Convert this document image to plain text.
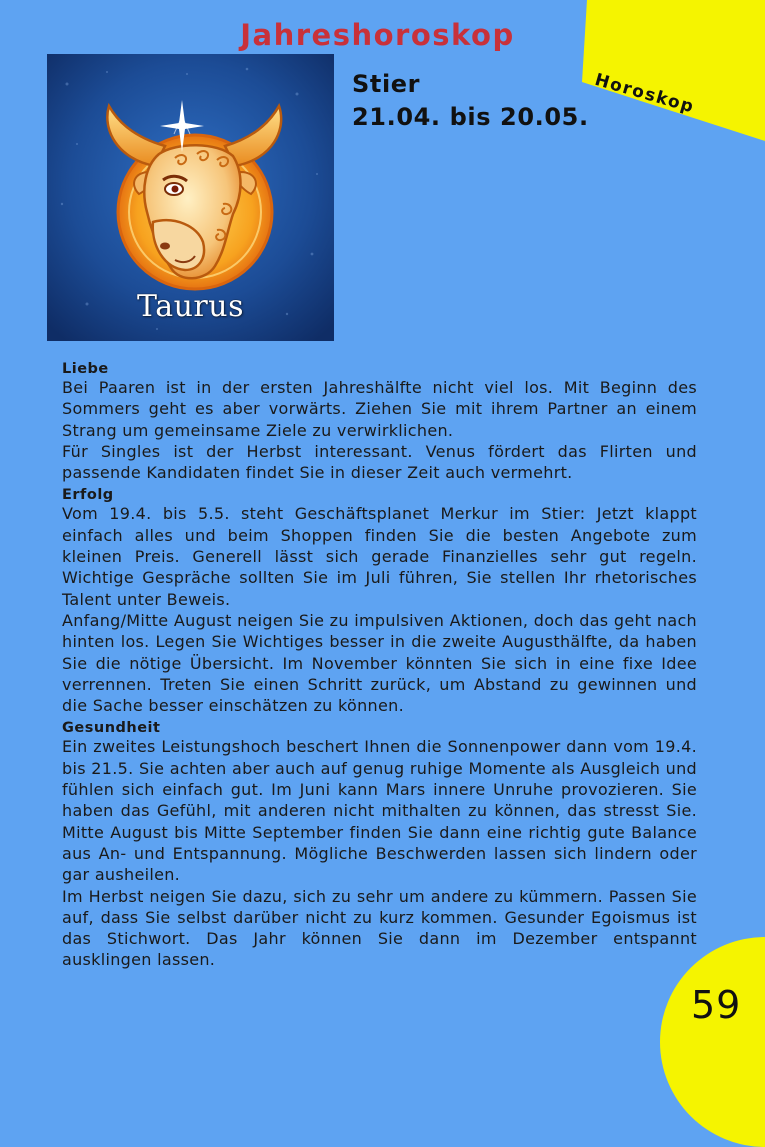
Horoskop
Jahreshoroskop
Taurus
Stier
21.04. bis 20.05.
Liebe
Bei Paaren ist in der ersten Jahreshälfte nicht viel los. Mit Beginn des Sommers geht es aber vorwärts. Ziehen Sie mit ihrem Partner an einem Strang um gemeinsame Ziele zu verwirklichen.
Für Singles ist der Herbst interessant. Venus fördert das Flirten und passende Kandidaten findet Sie in dieser Zeit auch vermehrt.
Erfolg
Vom 19.4. bis 5.5. steht Geschäftsplanet Merkur im Stier: Jetzt klappt einfach alles und beim Shoppen finden Sie die besten Angebote zum kleinen Preis. Generell lässt sich gerade Finanzielles sehr gut regeln. Wichtige Gespräche sollten Sie im Juli führen, Sie stellen Ihr rhetorisches Talent unter Beweis.
Anfang/Mitte August neigen Sie zu impulsiven Aktionen, doch das geht nach hinten los. Legen Sie Wichtiges besser in die zweite Augusthälfte, da haben Sie die nötige Übersicht. Im November könnten Sie sich in eine fixe Idee verrennen. Treten Sie einen Schritt zurück, um Abstand zu gewinnen und die Sache besser einschätzen zu können.
Gesundheit
Ein zweites Leistungshoch beschert Ihnen die Sonnenpower dann vom 19.4. bis 21.5. Sie achten aber auch auf genug ruhige Momente als Ausgleich und fühlen sich einfach gut. Im Juni kann Mars innere Unruhe provozieren. Sie haben das Gefühl, mit anderen nicht mithalten zu können, das stresst Sie. Mitte August bis Mitte September finden Sie dann eine richtig gute Balance aus An- und Entspannung. Mögliche Beschwerden lassen sich lindern oder gar ausheilen.
Im Herbst neigen Sie dazu, sich zu sehr um andere zu kümmern. Passen Sie auf, dass Sie selbst darüber nicht zu kurz kommen. Gesunder Egoismus ist das Stichwort. Das Jahr können Sie dann im Dezember entspannt ausklingen lassen.
59
